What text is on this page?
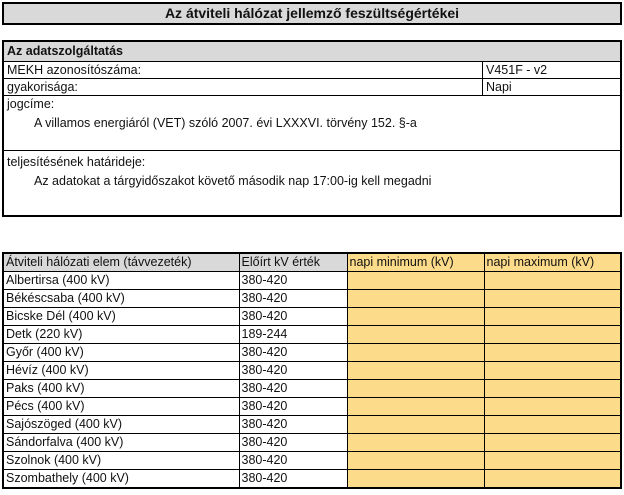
Az átviteli hálózat jellemző feszültségértékei
Az adatszolgáltatás
MEKH azonosítószáma:	V451F - v2
gyakorisága:	Napi
jogcíme:
A villamos energiáról (VET) szóló 2007. évi LXXXVI. törvény 152. §-a
teljesítésének határideje:
Az adatokat a tárgyidőszakot követő második nap 17:00-ig kell megadni
Átviteli hálózati elem (távvezeték)	Előírt kV érték	napi minimum (kV)	napi maximum (kV)
Albertirsa (400 kV)	380-420		
Békéscsaba (400 kV)	380-420		
Bicske Dél (400 kV)	380-420		
Detk (220 kV)	189-244		
Győr (400 kV)	380-420		
Hévíz (400 kV)	380-420		
Paks (400 kV)	380-420		
Pécs (400 kV)	380-420		
Sajószöged (400 kV)	380-420		
Sándorfalva (400 kV)	380-420		
Szolnok (400 kV)	380-420		
Szombathely (400 kV)	380-420		
